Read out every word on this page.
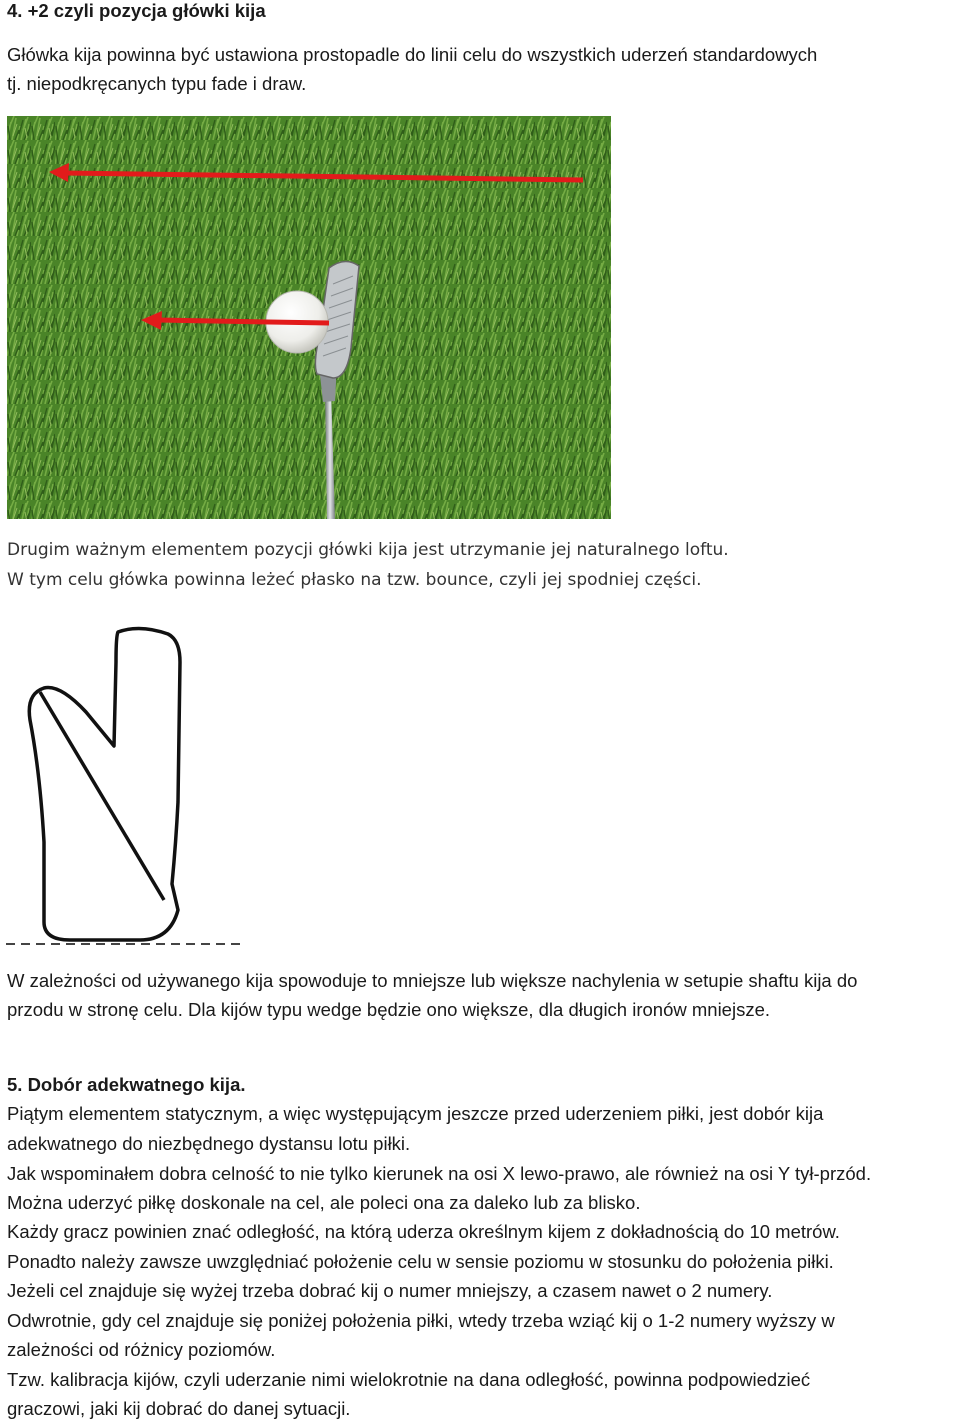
4. +2 czyli pozycja główki kija
Główka kija powinna być ustawiona prostopadle do linii celu do wszystkich uderzeń standardowych
tj. niepodkręcanych typu fade i draw.
Drugim ważnym elementem pozycji główki kija jest utrzymanie jej naturalnego loftu.
W tym celu główka powinna leżeć płasko na tzw. bounce, czyli jej spodniej części.
W zależności od używanego kija spowoduje to mniejsze lub większe nachylenia w setupie shaftu kija do
przodu w stronę celu. Dla kijów typu wedge będzie ono większe, dla długich ironów mniejsze.
5. Dobór adekwatnego kija.
Piątym elementem statycznym, a więc występującym jeszcze przed uderzeniem piłki, jest dobór kija
adekwatnego do niezbędnego dystansu lotu piłki.
Jak wspominałem dobra celność to nie tylko kierunek na osi X lewo-prawo, ale również na osi Y tył-przód.
Można uderzyć piłkę doskonale na cel, ale poleci ona za daleko lub za blisko.
Każdy gracz powinien znać odległość, na którą uderza określnym kijem z dokładnością do 10 metrów.
Ponadto należy zawsze uwzględniać położenie celu w sensie poziomu w stosunku do położenia piłki.
Jeżeli cel znajduje się wyżej trzeba dobrać kij o numer mniejszy, a czasem nawet o 2 numery.
Odwrotnie, gdy cel znajduje się poniżej położenia piłki, wtedy trzeba wziąć kij o 1-2 numery wyższy w
zależności od różnicy poziomów.
Tzw. kalibracja kijów, czyli uderzanie nimi wielokrotnie na dana odległość, powinna podpowiedzieć
graczowi, jaki kij dobrać do danej sytuacji.
